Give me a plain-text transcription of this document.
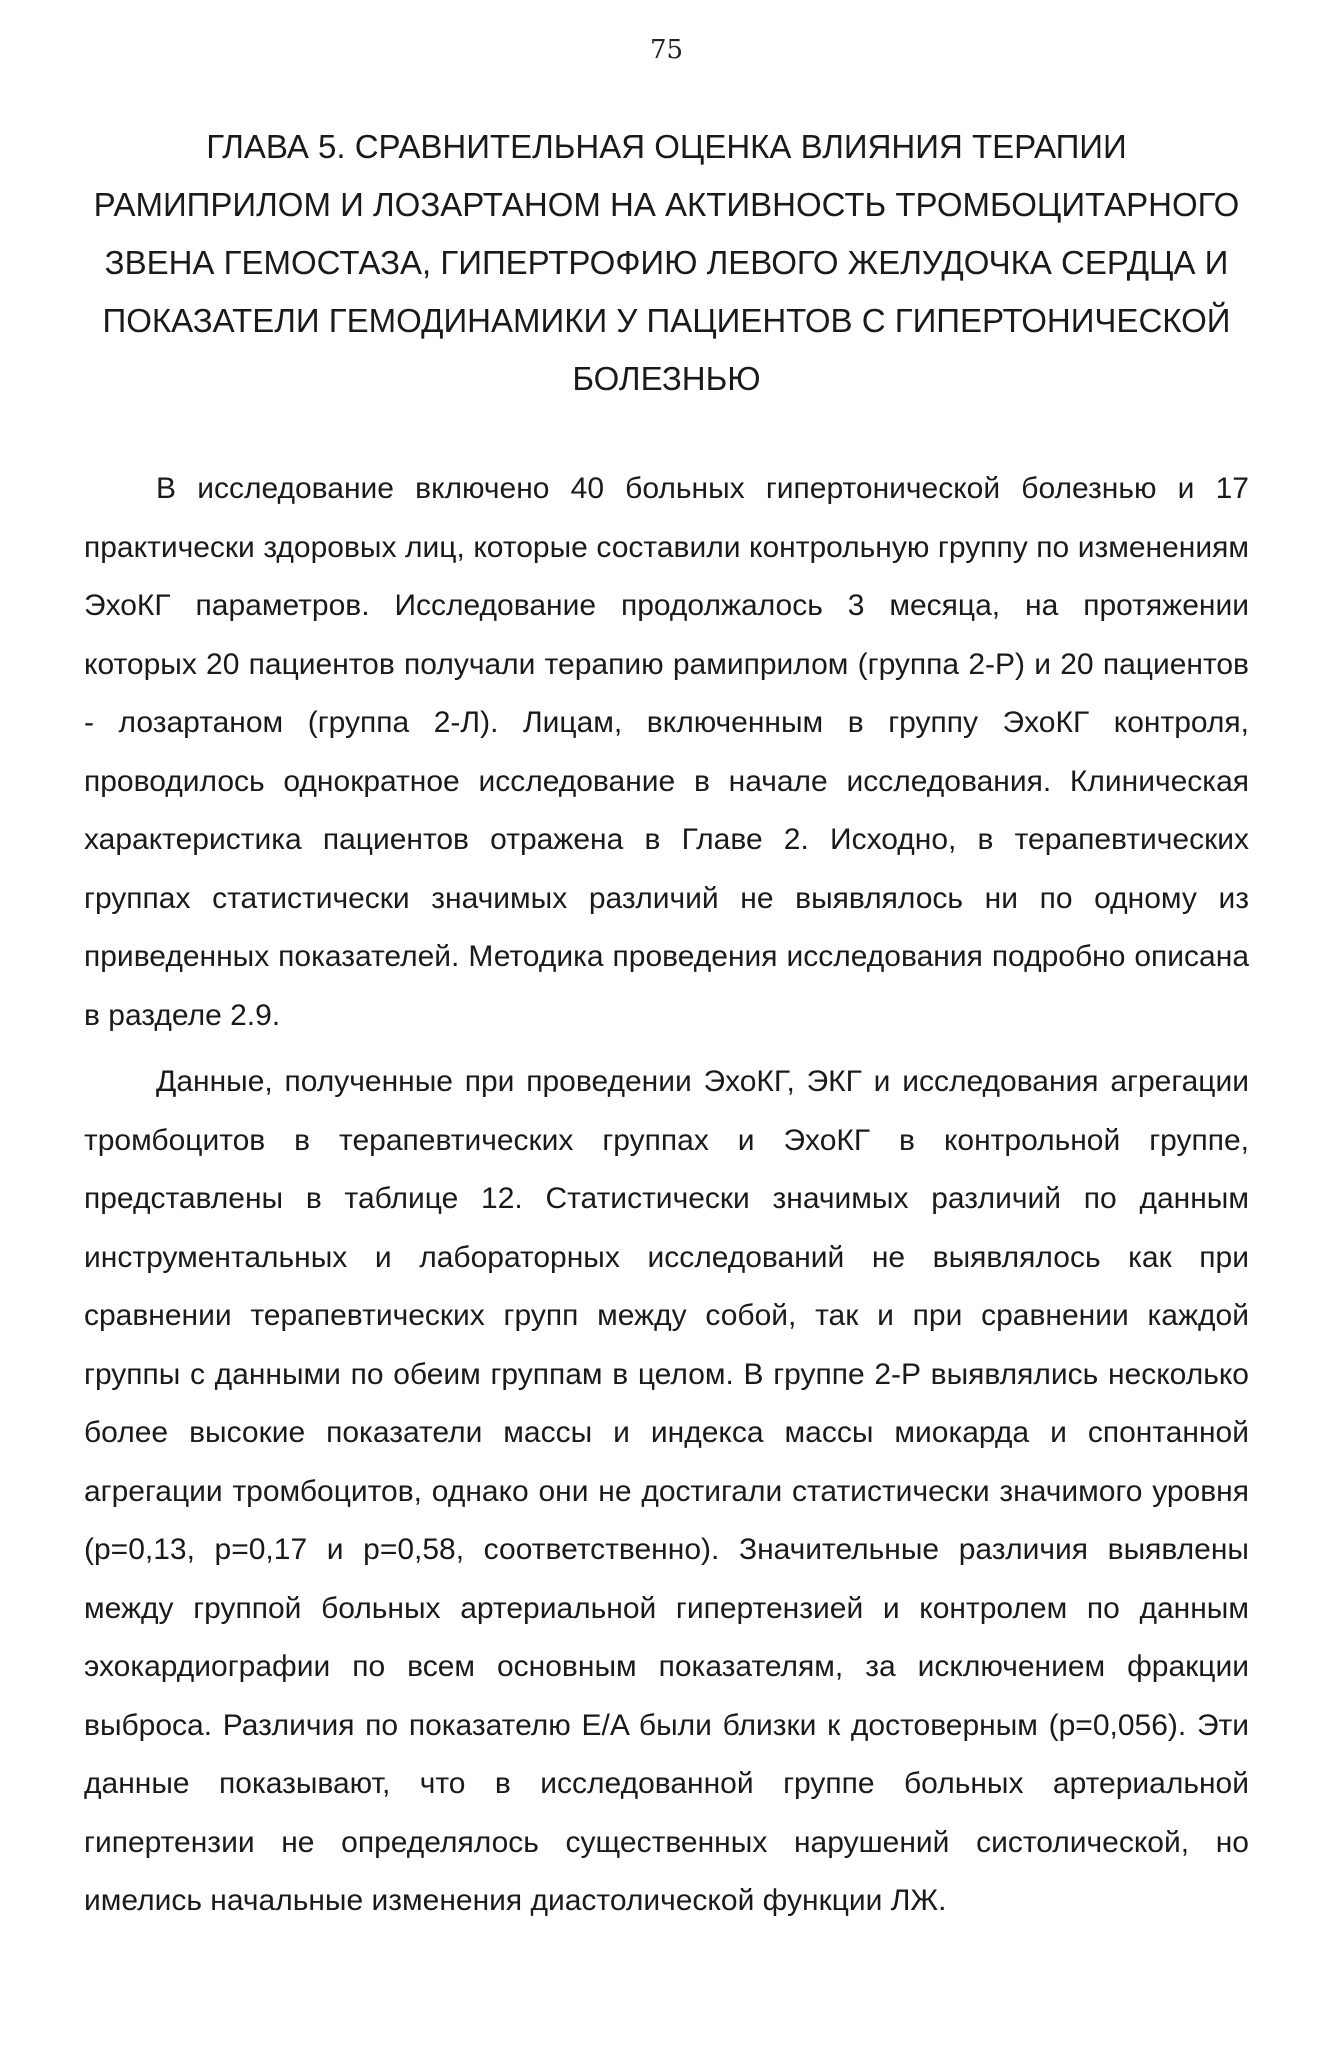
75
ГЛАВА 5. СРАВНИТЕЛЬНАЯ ОЦЕНКА ВЛИЯНИЯ ТЕРАПИИ РАМИПРИЛОМ И ЛОЗАРТАНОМ НА АКТИВНОСТЬ ТРОМБОЦИТАРНОГО ЗВЕНА ГЕМОСТАЗА, ГИПЕРТРОФИЮ ЛЕВОГО ЖЕЛУДОЧКА СЕРДЦА И ПОКАЗАТЕЛИ ГЕМОДИНАМИКИ У ПАЦИЕНТОВ С ГИПЕРТОНИЧЕСКОЙ БОЛЕЗНЬЮ

В исследование включено 40 больных гипертонической болезнью и 17 практически здоровых лиц, которые составили контрольную группу по изменениям ЭхоКГ параметров. Исследование продолжалось 3 месяца, на протяжении которых 20 пациентов получали терапию рамиприлом (группа 2-Р) и 20 пациентов - лозартаном (группа 2-Л). Лицам, включенным в группу ЭхоКГ контроля, проводилось однократное исследование в начале исследования. Клиническая характеристика пациентов отражена в Главе 2. Исходно, в терапевтических группах статистически значимых различий не выявлялось ни по одному из приведенных показателей. Методика проведения исследования подробно описана в разделе 2.9.

Данные, полученные при проведении ЭхоКГ, ЭКГ и исследования агрегации тромбоцитов в терапевтических группах и ЭхоКГ в контрольной группе, представлены в таблице 12. Статистически значимых различий по данным инструментальных и лабораторных исследований не выявлялось как при сравнении терапевтических групп между собой, так и при сравнении каждой группы с данными по обеим группам в целом. В группе 2-Р выявлялись несколько более высокие показатели массы и индекса массы миокарда и спонтанной агрегации тромбоцитов, однако они не достигали статистически значимого уровня (p=0,13, p=0,17 и p=0,58, соответственно). Значительные различия выявлены между группой больных артериальной гипертензией и контролем по данным эхокардиографии по всем основным показателям, за исключением фракции выброса. Различия по показателю E/A были близки к достоверным (p=0,056). Эти данные показывают, что в исследованной группе больных артериальной гипертензии не определялось существенных нарушений систолической, но имелись начальные изменения диастолической функции ЛЖ.
